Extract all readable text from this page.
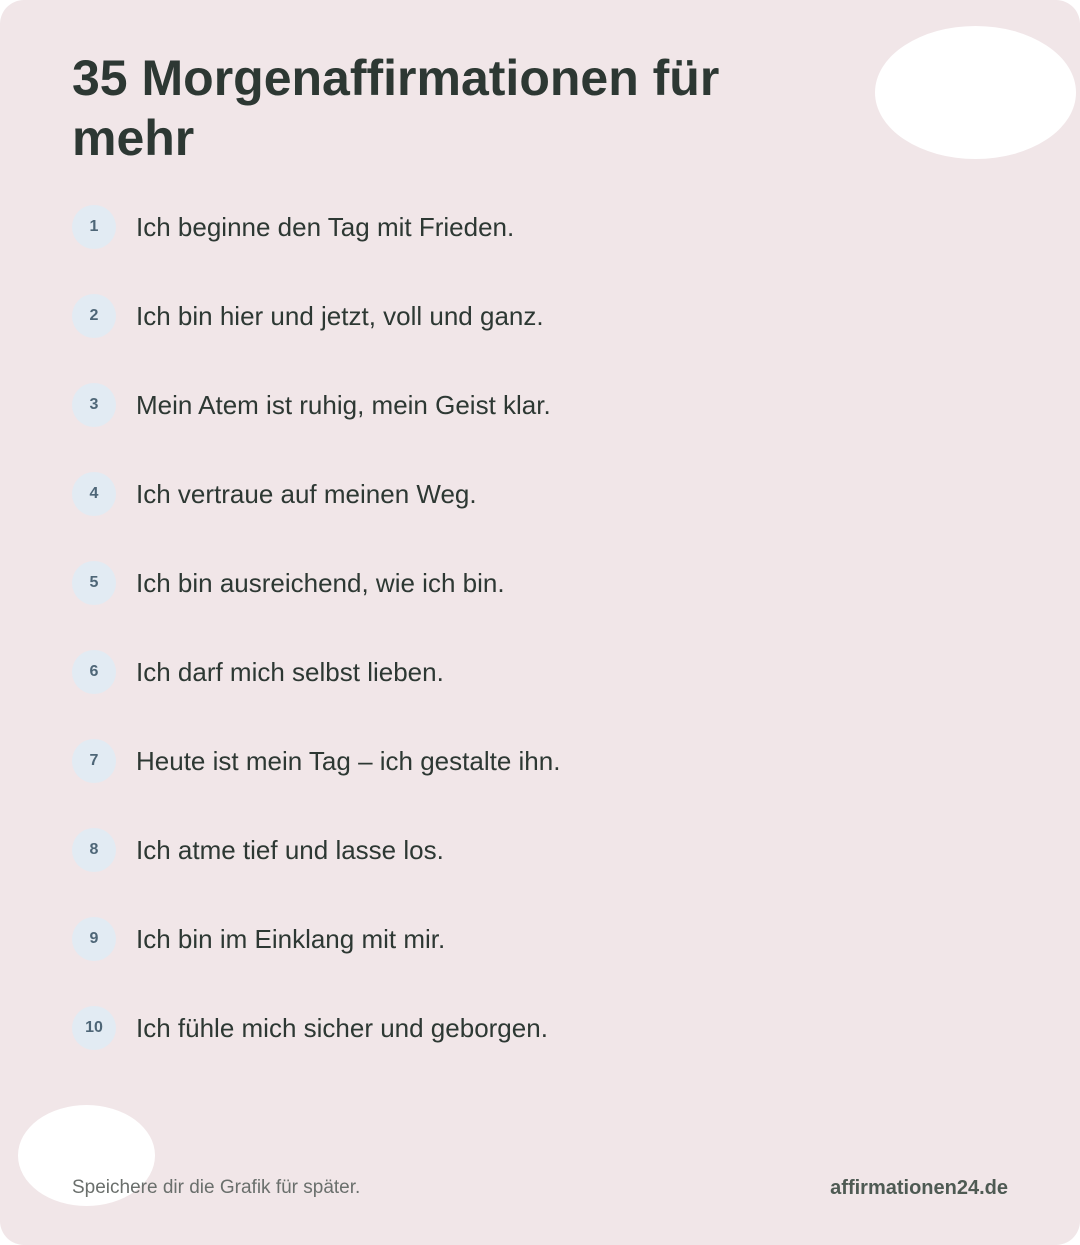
35 Morgenaffirmationen für mehr
1	Ich beginne den Tag mit Frieden.
2	Ich bin hier und jetzt, voll und ganz.
3	Mein Atem ist ruhig, mein Geist klar.
4	Ich vertraue auf meinen Weg.
5	Ich bin ausreichend, wie ich bin.
6	Ich darf mich selbst lieben.
7	Heute ist mein Tag – ich gestalte ihn.
8	Ich atme tief und lasse los.
9	Ich bin im Einklang mit mir.
10	Ich fühle mich sicher und geborgen.
Speichere dir die Grafik für später.	affirmationen24.de
